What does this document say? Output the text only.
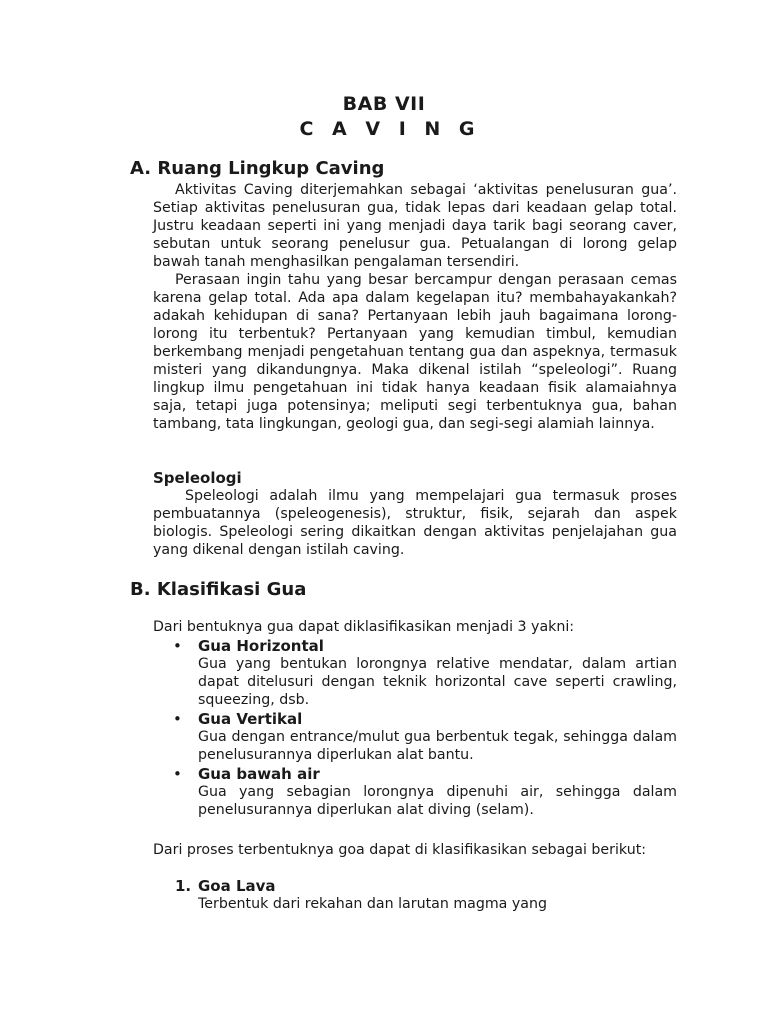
BAB VII
C A V I N G
A. Ruang Lingkup Caving

Aktivitas Caving diterjemahkan sebagai ‘aktivitas penelusuran gua’. Setiap aktivitas penelusuran gua, tidak lepas dari keadaan gelap total. Justru keadaan seperti ini yang menjadi daya tarik bagi seorang caver, sebutan untuk seorang penelusur gua. Petualangan di lorong gelap bawah tanah menghasilkan pengalaman tersendiri.

Perasaan ingin tahu yang besar bercampur dengan perasaan cemas karena gelap total. Ada apa dalam kegelapan itu? membahayakankah? adakah kehidupan di sana? Pertanyaan lebih jauh bagaimana lorong-lorong itu terbentuk? Pertanyaan yang kemudian timbul, kemudian berkembang menjadi pengetahuan tentang gua dan aspeknya, termasuk misteri yang dikandungnya. Maka dikenal istilah “speleologi”. Ruang lingkup ilmu pengetahuan ini tidak hanya keadaan fisik alamaiahnya saja, tetapi juga potensinya; meliputi segi terbentuknya gua, bahan tambang, tata lingkungan, geologi gua, dan segi-segi alamiah lainnya.

Speleologi

Speleologi adalah ilmu yang mempelajari gua termasuk proses pembuatannya (speleogenesis), struktur, fisik, sejarah dan aspek biologis. Speleologi sering dikaitkan dengan aktivitas penjelajahan gua yang dikenal dengan istilah caving.

B. Klasifikasi Gua

Dari bentuknya gua dapat diklasifikasikan menjadi 3 yakni:

• Gua Horizontal
Gua yang bentukan lorongnya relative mendatar, dalam artian dapat ditelusuri dengan teknik horizontal cave seperti crawling, squeezing, dsb.
• Gua Vertikal
Gua dengan entrance/mulut gua berbentuk tegak, sehingga dalam penelusurannya diperlukan alat bantu.
• Gua bawah air
Gua yang sebagian lorongnya dipenuhi air, sehingga dalam penelusurannya diperlukan alat diving (selam).

Dari proses terbentuknya goa dapat di klasifikasikan sebagai berikut:

1. Goa Lava
Terbentuk dari rekahan dan larutan magma yang
